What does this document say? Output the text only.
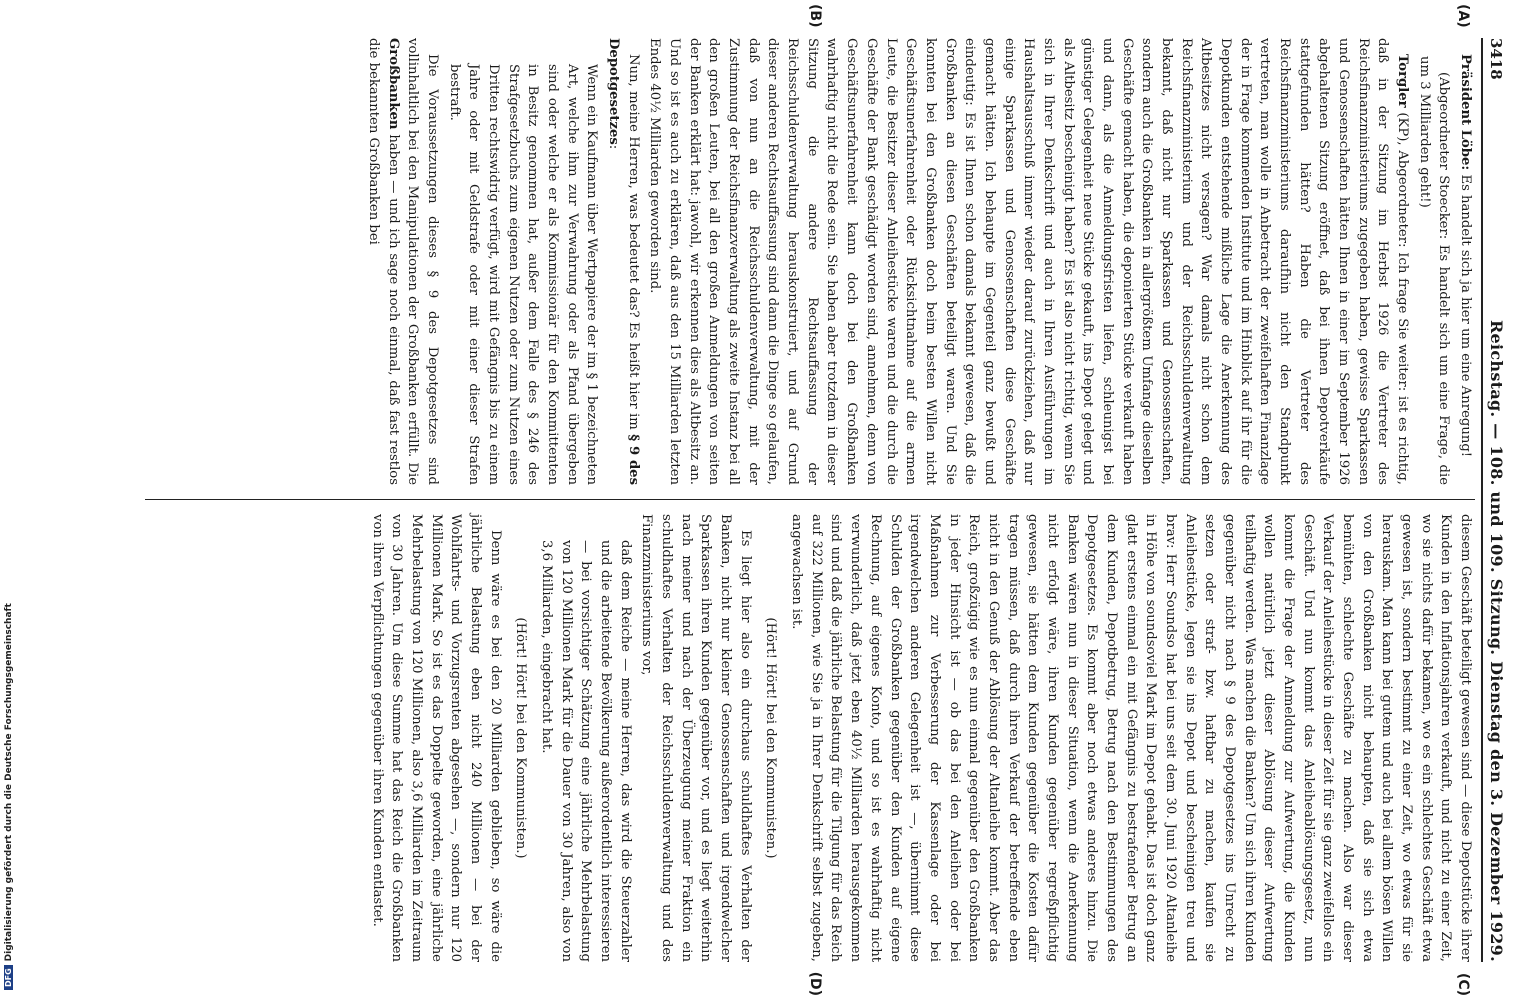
DFGDigitalisierung gefördert durch die Deutsche Forschungsgemeinschaft
3418
Reichstag. — 108. und 109. Sitzung. Dienstag den 3. Dezember 1929.
(A)
(B)

Präsident Löbe: Es handelt sich ja hier um eine Anregung!

(Abgeordneter Stoecker: Es handelt sich um eine Frage, die um 3 Milliarden geht!)

Torgler (KP), Abgeordneter: Ich frage Sie weiter: ist es richtig, daß in der Sitzung im Herbst 1926 die Vertreter des Reichsfinanzministeriums zugegeben haben, gewisse Sparkassen und Genossenschaften hätten Ihnen in einer im September 1926 abgehaltenen Sitzung eröffnet, daß bei ihnen Depotverkäufe stattgefunden hätten? Haben die Vertreter des Reichsfinanzministeriums daraufhin nicht den Standpunkt vertreten, man wolle in Anbetracht der zweifelhaften Finanzlage der in Frage kommenden Institute und im Hinblick auf ihr für die Depotkunden entstehende mißliche Lage die Anerkennung des Altbesitzes nicht versagen? War damals nicht schon dem Reichsfinanzministerium und der Reichsschuldenverwaltung bekannt, daß nicht nur Sparkassen und Genossenschaften, sondern auch die Großbanken in allergrößtem Umfange dieselben Geschäfte gemacht haben, die deponierten Stücke verkauft haben und dann, als die Anmeldungsfristen liefen, schleunigst bei günstiger Gelegenheit neue Stücke gekauft, ins Depot gelegt und als Altbesitz bescheinigt haben? Es ist also nicht richtig, wenn Sie sich in Ihrer Denkschrift und auch in Ihren Ausführungen im Haushaltsausschuß immer wieder darauf zurückziehen, daß nur einige Sparkassen und Genossenschaften diese Geschäfte gemacht hätten. Ich behaupte im Gegenteil ganz bewußt und eindeutig: Es ist Ihnen schon damals bekannt gewesen, daß die Großbanken an diesen Geschäften beteiligt waren. Und Sie konnten bei den Großbanken doch beim besten Willen nicht Geschäftsunerfahrenheit oder Rücksichtnahme auf die armen Leute, die Besitzer dieser Anleihestücke waren und die durch die Geschäfte der Bank geschädigt worden sind, annehmen, denn von Geschäftsunerfahrenheit kann doch bei den Großbanken wahrhaftig nicht die Rede sein. Sie haben aber trotzdem in dieser Sitzung die andere Rechtsauffassung der Reichsschuldenverwaltung herauskonstruiert, und auf Grund dieser anderen Rechtsauffassung sind dann die Dinge so gelaufen, daß von nun an die Reichsschuldenverwaltung, mit der Zustimmung der Reichsfinanzverwaltung als zweite Instanz bei all den großen Leuten, bei all den großen Anmeldungen von seiten der Banken erklärt hat: jawohl, wir erkennen dies als Altbesitz an. Und so ist es auch zu erklären, daß aus den 15 Milliarden letzten Endes 40½ Milliarden geworden sind.

Nun, meine Herren, was bedeutet das? Es heißt hier im § 9 des Depotgesetzes:

Wenn ein Kaufmann über Wertpapiere der im § 1 bezeichneten Art, welche ihm zur Verwahrung oder als Pfand übergeben sind oder welche er als Kommissionär für den Kommittenten in Besitz genommen hat, außer dem Falle des § 246 des Strafgesetzbuchs zum eigenen Nutzen oder zum Nutzen eines Dritten rechtswidrig verfügt, wird mit Gefängnis bis zu einem Jahre oder mit Geldstrafe oder mit einer dieser Strafen bestraft.

Die Voraussetzungen dieses § 9 des Depotgesetzes sind vollinhaltlich bei den Manipulationen der Großbanken erfüllt. Die Großbanken haben — und ich sage noch einmal, daß fast restlos die bekannten Großbanken bei

(C)
(D)

diesem Geschäft beteiligt gewesen sind — diese Depotstücke ihrer Kunden in den Inflationsjahren verkauft, und nicht zu einer Zeit, wo sie nichts dafür bekamen, wo es ein schlechtes Geschäft etwa gewesen ist, sondern bestimmt zu einer Zeit, wo etwas für sie herauskam. Man kann bei gutem und auch bei allem bösen Willen von den Großbanken nicht behaupten, daß sie sich etwa bemühten, schlechte Geschäfte zu machen. Also war dieser Verkauf der Anleihestücke in dieser Zeit für sie ganz zweifellos ein Geschäft. Und nun kommt das Anleiheablösungsgesetz, nun kommt die Frage der Anmeldung zur Aufwertung, die Kunden wollen natürlich jetzt dieser Ablösung dieser Aufwertung teilhaftig werden. Was machen die Banken? Um sich ihren Kunden gegenüber nicht nach § 9 des Depotgesetzes ins Unrecht zu setzen oder straf- bzw. haftbar zu machen, kaufen sie Anleihestücke, legen sie ins Depot und bescheinigen treu und brav: Herr Soundso hat bei uns seit dem 30. Juni 1920 Altanleihe in Höhe von soundsoviel Mark im Depot gehabt. Das ist doch ganz glatt erstens einmal ein mit Gefängnis zu bestrafender Betrug an dem Kunden, Depotbetrug, Betrug nach den Bestimmungen des Depotgesetzes. Es kommt aber noch etwas anderes hinzu. Die Banken wären nun in dieser Situation, wenn die Anerkennung nicht erfolgt wäre, ihren Kunden gegenüber regreßpflichtig gewesen, sie hätten dem Kunden gegenüber die Kosten dafür tragen müssen, daß durch ihren Verkauf der betreffende eben nicht in den Genuß der Ablösung der Altanleihe kommt. Aber das Reich, großzügig wie es nun einmal gegenüber den Großbanken in jeder Hinsicht ist — ob das bei den Anleihen oder bei Maßnahmen zur Verbesserung der Kassenlage oder bei irgendwelchen anderen Gelegenheit ist —, übernimmt diese Schulden der Großbanken gegenüber den Kunden auf eigene Rechnung, auf eigenes Konto, und so ist es wahrhaftig nicht verwunderlich, daß jetzt eben 40½ Milliarden herausgekommen sind und daß die jährliche Belastung für die Tilgung für das Reich auf 322 Millionen, wie Sie ja in Ihrer Denkschrift selbst zugeben, angewachsen ist.

(Hört! Hört! bei den Kommunisten.)

Es liegt hier also ein durchaus schuldhaftes Verhalten der Banken, nicht nur kleiner Genossenschaften und irgendwelcher Sparkassen ihren Kunden gegenüber vor, und es liegt weiterhin nach meiner und nach der Überzeugung meiner Fraktion ein schuldhaftes Verhalten der Reichsschuldenverwaltung und des Finanzministeriums vor,

daß dem Reiche — meine Herren, das wird die Steuerzahler und die arbeitende Bevölkerung außerordentlich interessieren — bei vorsichtiger Schätzung eine jährliche Mehrbelastung von 120 Millionen Mark für die Dauer von 30 Jahren, also von 3,6 Milliarden, eingebracht hat.

(Hört! Hört! bei den Kommunisten.)

Denn wäre es bei den 20 Milliarden geblieben, so wäre die jährliche Belastung eben nicht 240 Millionen — bei der Wohlfahrts- und Vorzugsrenten abgesehen —, sondern nur 120 Millionen Mark. So ist es das Doppelte geworden, eine jährliche Mehrbelastung von 120 Millionen, also 3,6 Milliarden im Zeitraum von 30 Jahren. Um diese Summe hat das Reich die Großbanken von ihren Verpflichtungen gegenüber ihren Kunden entlastet.
